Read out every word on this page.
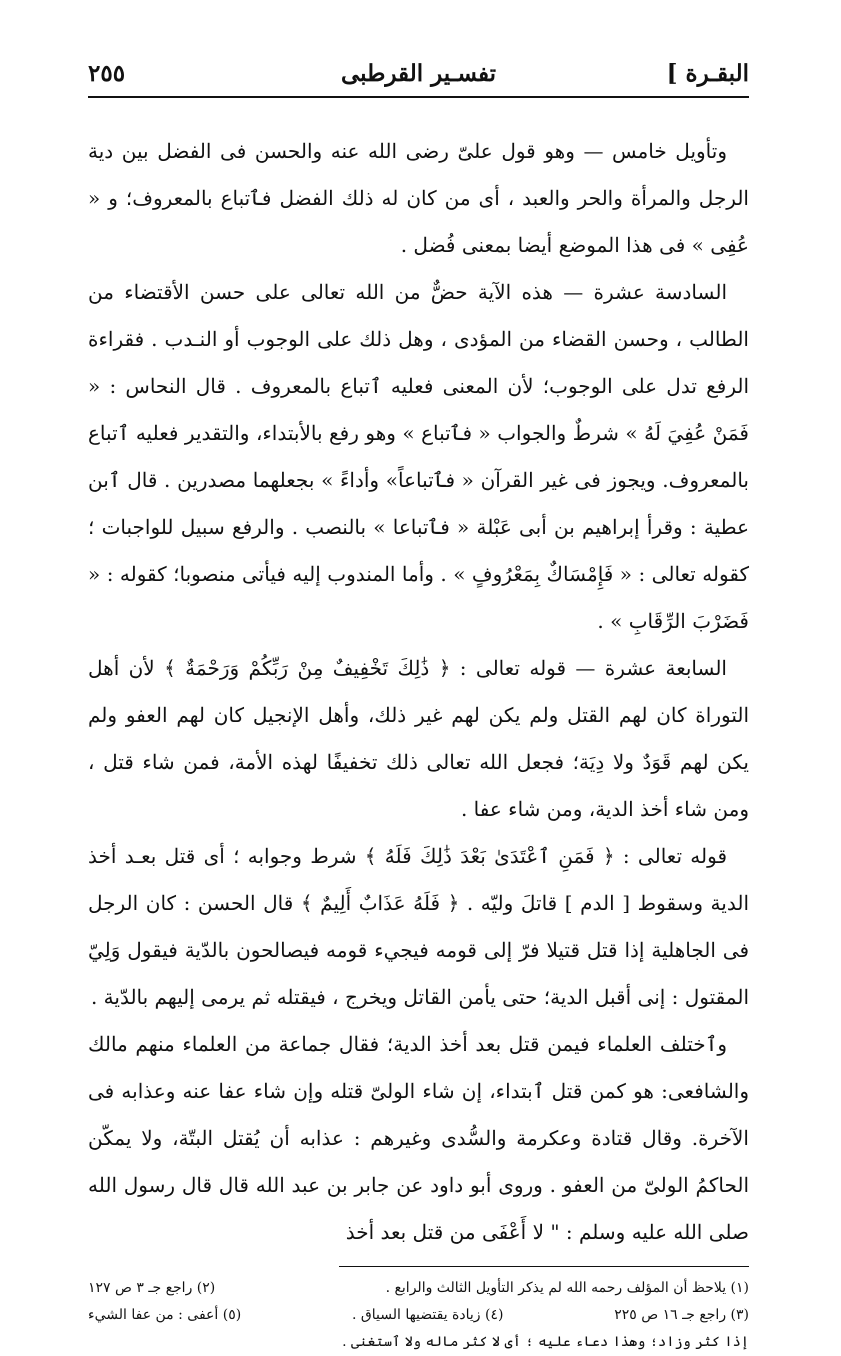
البقـرة ]
تفسـير القرطبى
٢٥٥

وتأويل خامس — وهو قول علىّ رضى الله عنه والحسن فى الفضل بين دية الرجل والمرأة والحر والعبد ، أى من كان له ذلك الفضل فٱتباع بالمعروف؛ و « عُفِى » فى هذا الموضع أيضا بمعنى فُضل .

السادسة عشرة — هذه الآية حضٌّ من الله تعالى على حسن الأقتضاء من الطالب ، وحسن القضاء من المؤدى ، وهل ذلك على الوجوب أو النـدب . فقراءة الرفع تدل على الوجوب؛ لأن المعنى فعليه ٱتباع بالمعروف . قال النحاس : « فَمَنْ عُفِيَ لَهُ » شرطٌ والجواب « فٱتباع » وهو رفع بالأبتداء، والتقدير فعليه ٱتباع بالمعروف. ويجوز فى غير القرآن « فٱتباعاً» وأداءً » بجعلهما مصدرين . قال ٱبن عطية : وقرأ إبراهيم بن أبى عَبْلة « فٱتباعا » بالنصب . والرفع سبيل للواجبات ؛ كقوله تعالى : « فَإِمْسَاكٌ بِمَعْرُوفٍ » . وأما المندوب إليه فيأتى منصوبا؛ كقوله : « فَضَرْبَ الرِّقَابِ » .

السابعة عشرة — قوله تعالى : ﴿ ذَٰلِكَ تَخْفِيفٌ مِنْ رَبِّكُمْ وَرَحْمَةٌ ﴾ لأن أهل التوراة كان لهم القتل ولم يكن لهم غير ذلك، وأهل الإنجيل كان لهم العفو ولم يكن لهم قَوَدٌ ولا دِيَة؛ فجعل الله تعالى ذلك تخفيفًا لهذه الأمة، فمن شاء قتل ، ومن شاء أخذ الدية، ومن شاء عفا .

قوله تعالى : ﴿ فَمَنِ ٱعْتَدَىٰ بَعْدَ ذَٰلِكَ فَلَهُ ﴾ شرط وجوابه ؛ أى قتل بعـد أخذ الدية وسقوط [ الدم ] قاتلَ وليّه . ﴿ فَلَهُ عَذَابٌ أَلِيمٌ ﴾ قال الحسن : كان الرجل فى الجاهلية إذا قتل قتيلا فرّ إلى قومه فيجيء قومه فيصالحون بالدّية فيقول وَلِيّ المقتول : إنى أقبل الدية؛ حتى يأمن القاتل ويخرج ، فيقتله ثم يرمى إليهم بالدّية .

وٱختلف العلماء فيمن قتل بعد أخذ الدية؛ فقال جماعة من العلماء منهم مالك والشافعى: هو كمن قتل ٱبتداء، إن شاء الولىّ قتله وإن شاء عفا عنه وعذابه فى الآخرة. وقال قتادة وعكرمة والسُّدى وغيرهم : عذابه أن يُقتل البتّة، ولا يمكّن الحاكمُ الولىّ من العفو . وروى أبو داود عن جابر بن عبد الله قال قال رسول الله صلى الله عليه وسلم : " لا أَعْفَى من قتل بعد أخذ

(١) يلاحظ أن المؤلف رحمه الله لم يذكر التأويل الثالث والرابع .
(٢) راجع جـ ٣ ص ١٢٧
(٣) راجع جـ ١٦ ص ٢٢٥
(٤) زيادة يقتضيها السياق .
(٥) أعفى : من عفا الشيء
إذا كثر وزاد؛ وهذا دعاء عليه ؛ أى لا كثر ماله ولا ٱستغنى .
